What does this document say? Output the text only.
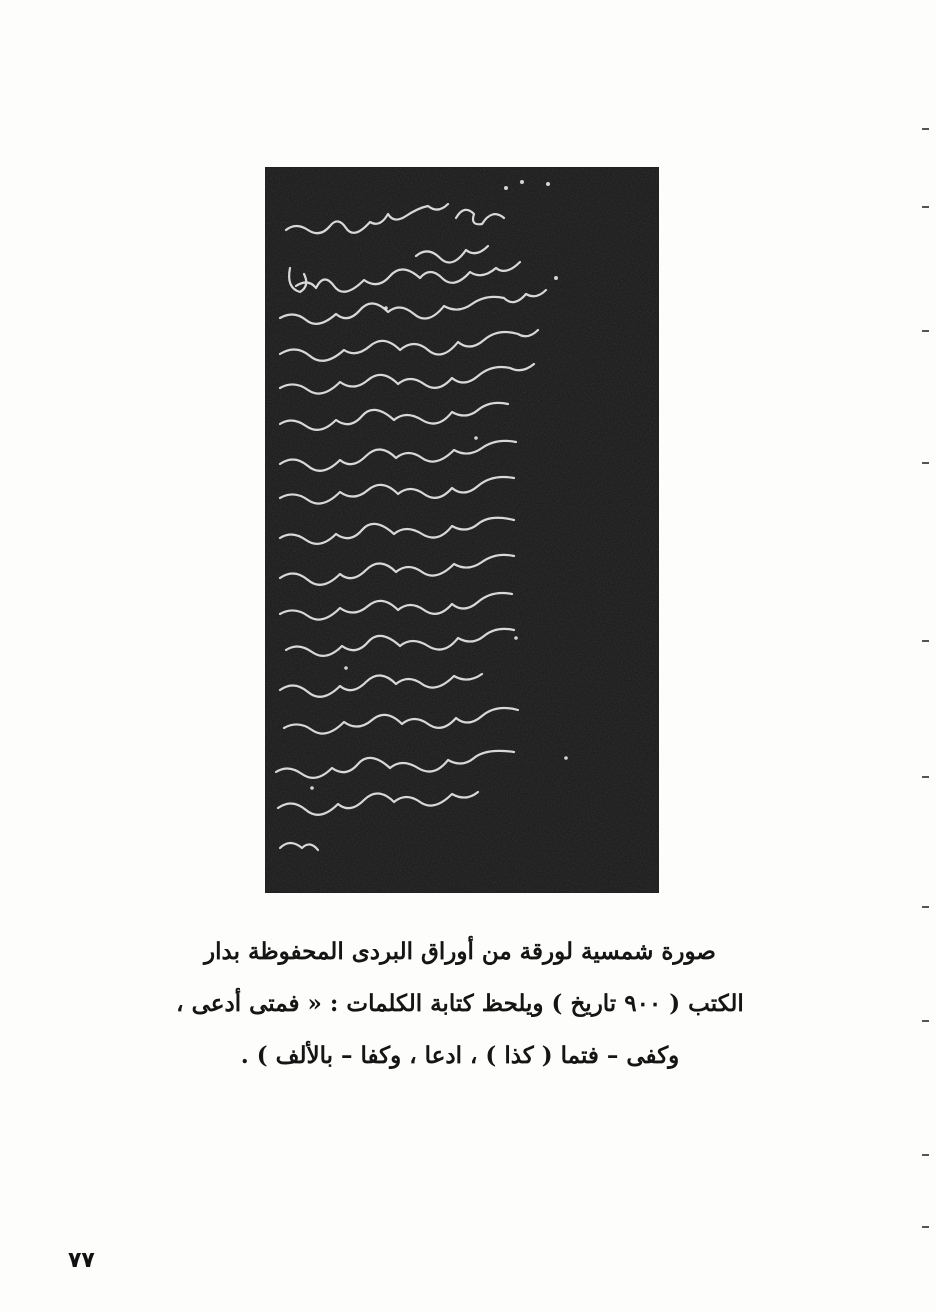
صورة شمسية لورقة من أوراق البردى المحفوظة بدار
الكتب ( ٩٠٠ تاريخ ) ويلحظ كتابة الكلمات : « فمتى أدعى ،
وكفى – فتما ( كذا ) ، ادعا ، وكفا – بالألف ) .
٧٧
